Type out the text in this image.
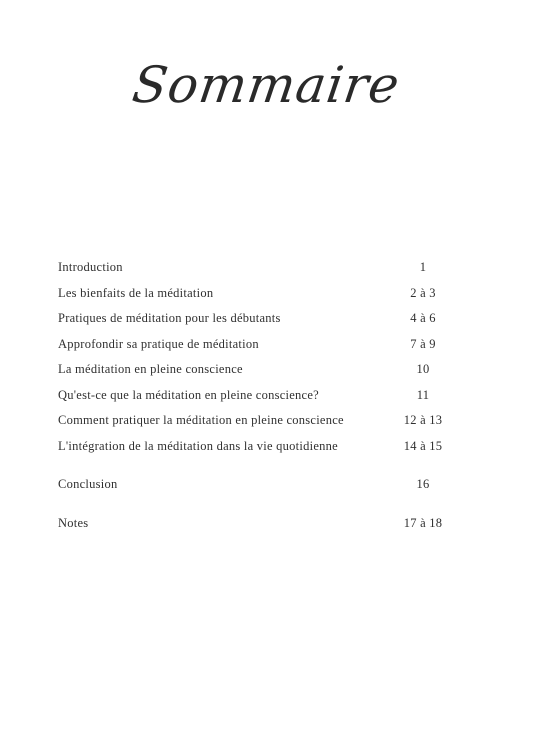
Sommaire
Introduction	1
Les bienfaits de la méditation	2 à 3
Pratiques de méditation pour les débutants	4 à 6
Approfondir sa pratique de méditation	7 à 9
La méditation en pleine conscience	10
Qu'est-ce que la méditation en pleine conscience?	11
Comment pratiquer la méditation en pleine conscience	12 à 13
L'intégration de la méditation dans la vie quotidienne	14 à 15
Conclusion	16
Notes	17 à 18
